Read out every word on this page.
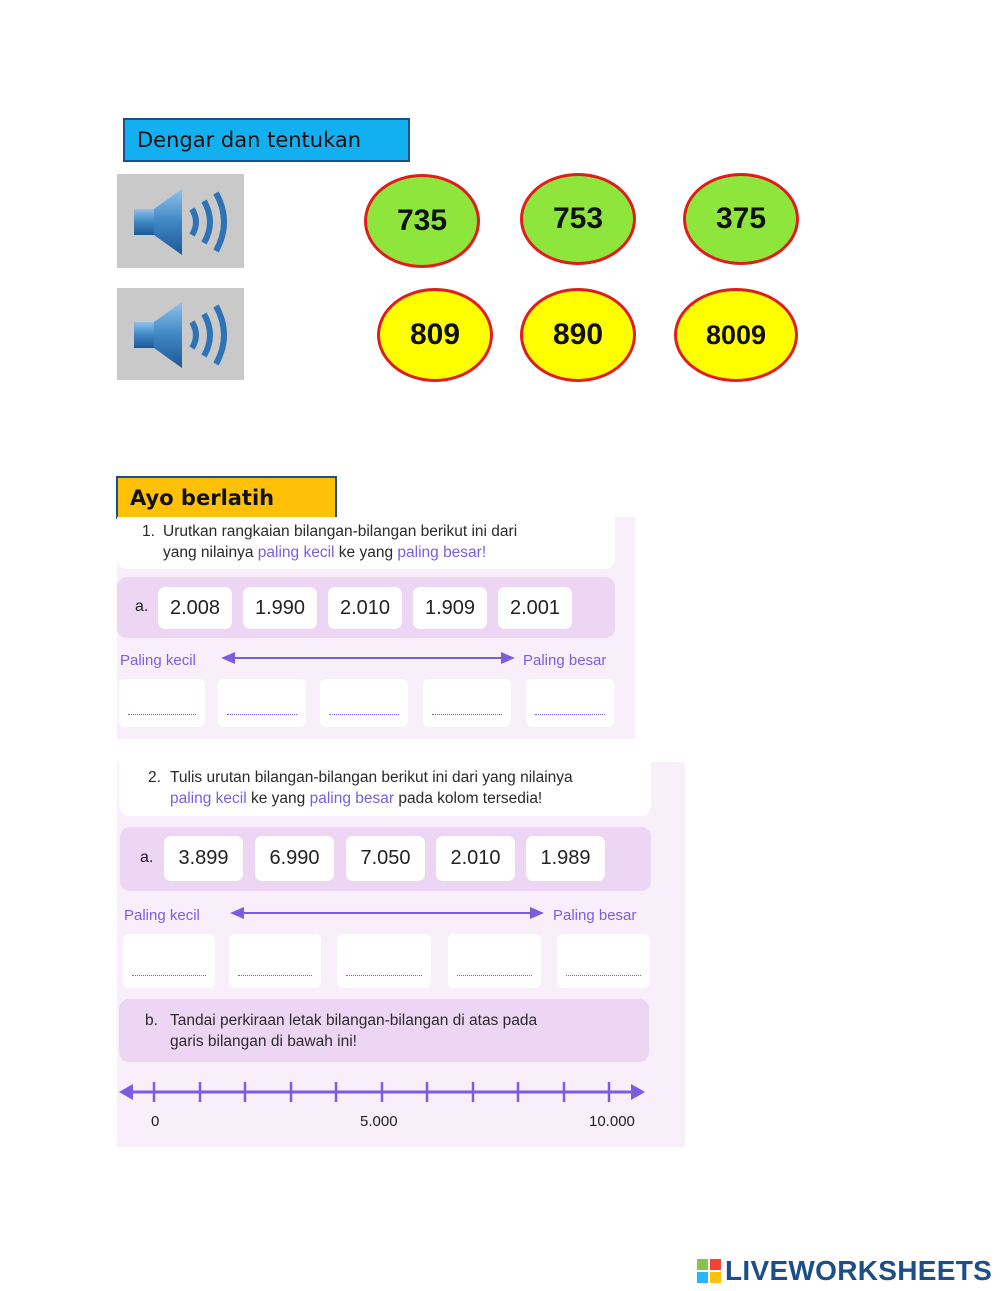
Dengar dan tentukan
735	753	375
809	890	8009
Ayo berlatih
1. Urutkan rangkaian bilangan-bilangan berikut ini dari
yang nilainya paling kecil ke yang paling besar!
a. 2.008 1.990 2.010 1.909 2.001
Paling kecil	Paling besar
2. Tulis urutan bilangan-bilangan berikut ini dari yang nilainya
paling kecil ke yang paling besar pada kolom tersedia!
a. 3.899 6.990 7.050 2.010 1.989
Paling kecil	Paling besar
b. Tandai perkiraan letak bilangan-bilangan di atas pada
garis bilangan di bawah ini!
0	5.000	10.000
LIVEWORKSHEETS
